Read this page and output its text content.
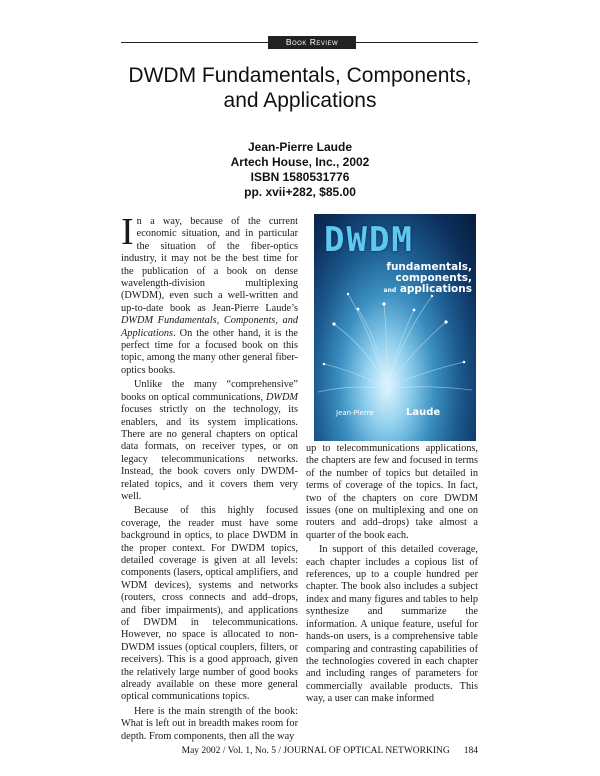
Book Review
DWDM Fundamentals, Components,
and Applications
Jean-Pierre Laude
Artech House, Inc., 2002
ISBN 1580531776
pp. xvii+282, $85.00

In a way, because of the current economic situation, and in particular the situation of the fiber-optics industry, it may not be the best time for the publication of a book on dense wavelength-division multiplexing (DWDM), even such a well-written and up-to-date book as Jean-Pierre Laude’s DWDM Fundamentals, Components, and Applications. On the other hand, it is the perfect time for a focused book on this topic, among the many other general fiber-optics books.

Unlike the many “comprehensive” books on optical communications, DWDM focuses strictly on the technology, its enablers, and its system implications. There are no general chapters on optical data formats, on receiver types, or on legacy telecommunications networks. Instead, the book covers only DWDM-related topics, and it covers them very well.

Because of this highly focused coverage, the reader must have some background in optics, to place DWDM in the proper context. For DWDM topics, detailed coverage is given at all levels: components (lasers, optical amplifiers, and WDM devices), systems and networks (routers, cross connects and add–drops, and fiber impairments), and applications of DWDM in telecommunications. However, no space is allocated to non-DWDM issues (optical couplers, filters, or receivers). This is a good approach, given the relatively large number of good books already available on these more general optical communications topics.

Here is the main strength of the book: What is left out in breadth makes room for depth. From components, then all the way

DWDM
fundamentals,
components,
and applications
Jean-Pierre	Laude

up to telecommunications applications, the chapters are few and focused in terms of the number of topics but detailed in terms of coverage of the topics. In fact, two of the chapters on core DWDM issues (one on multiplexing and one on routers and add–drops) take almost a quarter of the book each.

In support of this detailed coverage, each chapter includes a copious list of references, up to a couple hundred per chapter. The book also includes a subject index and many figures and tables to help synthesize and summarize the information. A unique feature, useful for hands-on users, is a comprehensive table comparing and contrasting capabilities of the technologies covered in each chapter and including ranges of parameters for commercially available products. This way, a user can make informed

May 2002 / Vol. 1, No. 5 / JOURNAL OF OPTICAL NETWORKING 184
